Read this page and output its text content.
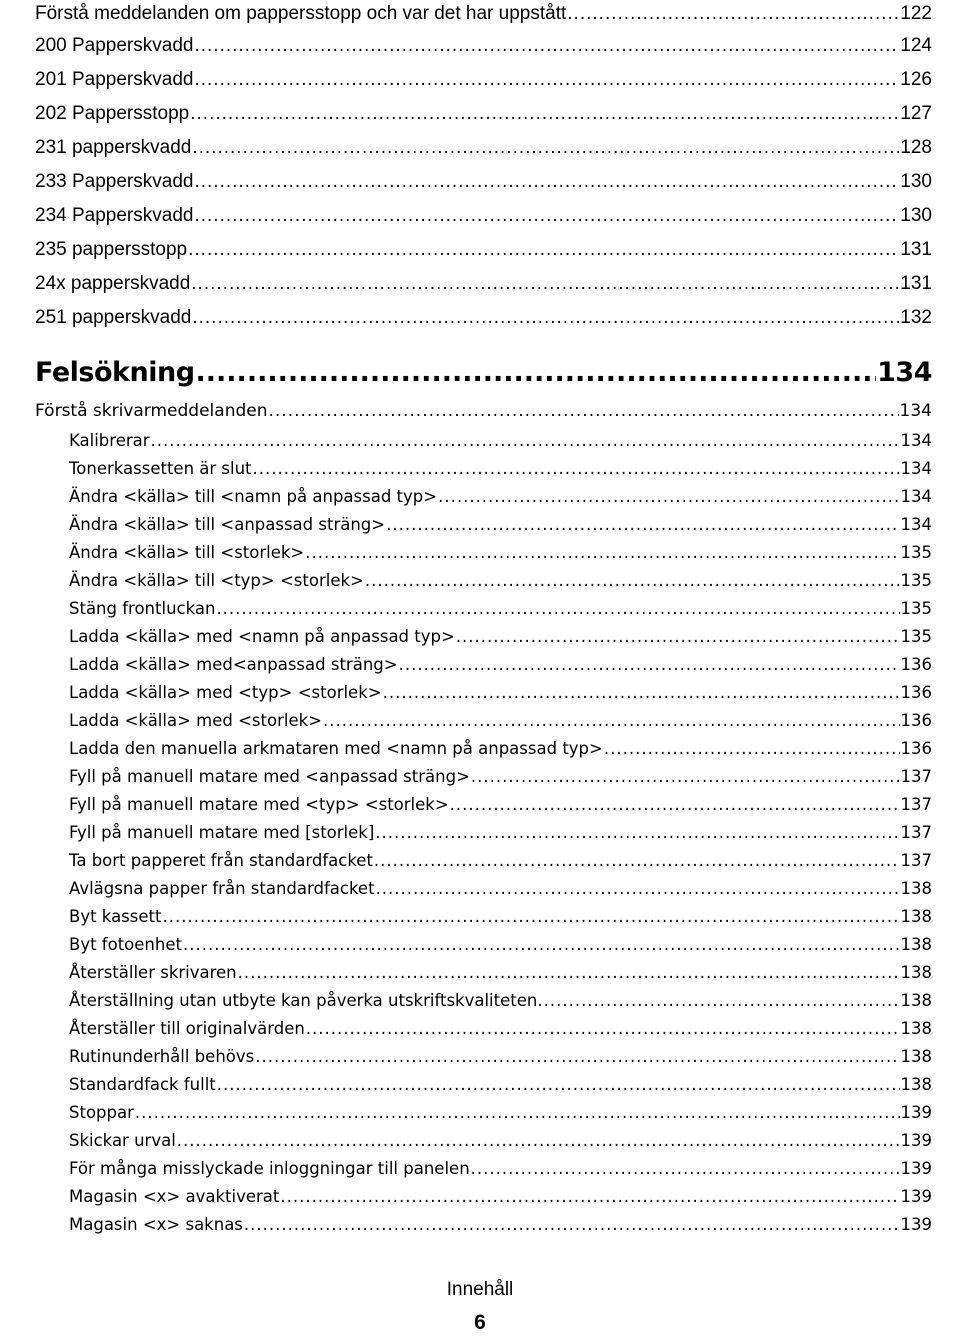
Förstå meddelanden om pappersstopp och var det har uppstått .....	122
200 Papperskvadd .....	124
201 Papperskvadd .....	126
202 Pappersstopp .....	127
231 papperskvadd .....	128
233 Papperskvadd .....	130
234 Papperskvadd .....	130
235 pappersstopp .....	131
24x papperskvadd .....	131
251 papperskvadd .....	132
Felsökning .....	134
Förstå skrivarmeddelanden .....	134
Kalibrerar .....	134
Tonerkassetten är slut .....	134
Ändra <källa> till <namn på anpassad typ> .....	134
Ändra <källa> till <anpassad sträng> .....	134
Ändra <källa> till <storlek> .....	135
Ändra <källa> till <typ> <storlek> .....	135
Stäng frontluckan .....	135
Ladda <källa> med <namn på anpassad typ> .....	135
Ladda <källa> med<anpassad sträng> .....	136
Ladda <källa> med <typ> <storlek> .....	136
Ladda <källa> med <storlek> .....	136
Ladda den manuella arkmataren med <namn på anpassad typ> .....	136
Fyll på manuell matare med <anpassad sträng> .....	137
Fyll på manuell matare med <typ> <storlek> .....	137
Fyll på manuell matare med [storlek] .....	137
Ta bort papperet från standardfacket .....	137
Avlägsna papper från standardfacket .....	138
Byt kassett .....	138
Byt fotoenhet .....	138
Återställer skrivaren .....	138
Återställning utan utbyte kan påverka utskriftskvaliteten. .....	138
Återställer till originalvärden .....	138
Rutinunderhåll behövs .....	138
Standardfack fullt .....	138
Stoppar .....	139
Skickar urval .....	139
För många misslyckade inloggningar till panelen .....	139
Magasin <x> avaktiverat .....	139
Magasin <x> saknas .....	139
Innehåll
6
